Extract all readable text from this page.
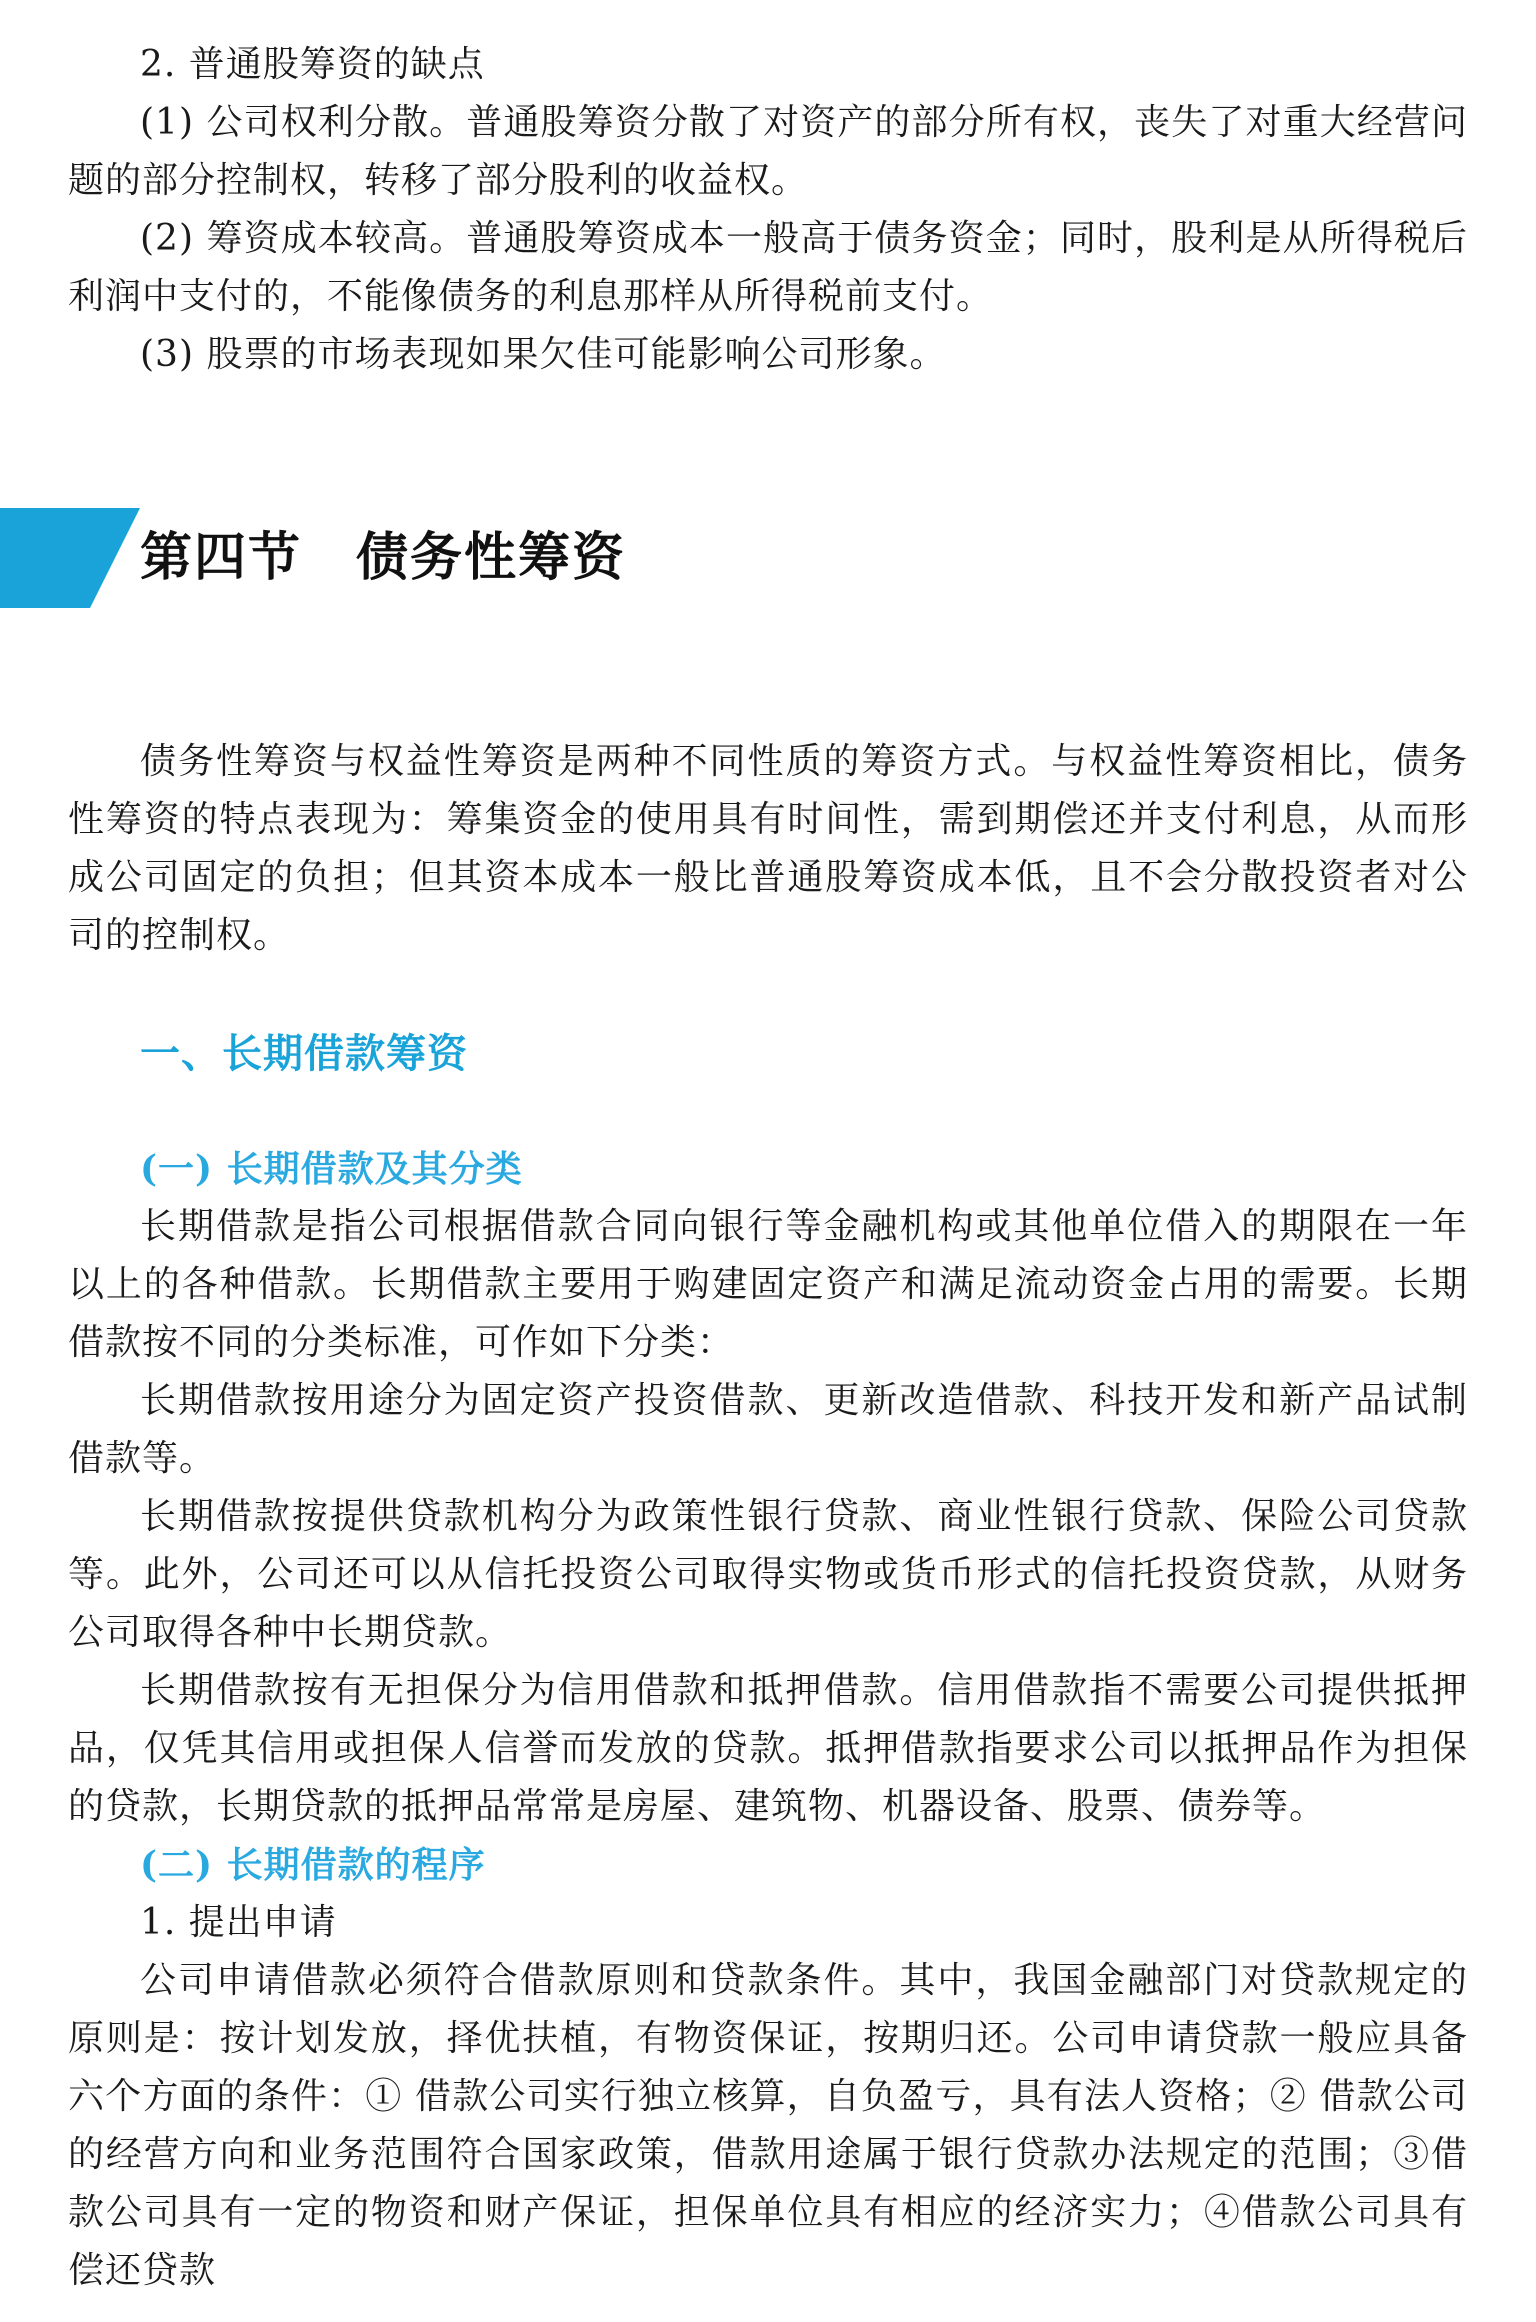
2. 普通股筹资的缺点

(1) 公司权利分散。普通股筹资分散了对资产的部分所有权，丧失了对重大经营问题的部分控制权，转移了部分股利的收益权。

(2) 筹资成本较高。普通股筹资成本一般高于债务资金；同时，股利是从所得税后利润中支付的，不能像债务的利息那样从所得税前支付。

(3) 股票的市场表现如果欠佳可能影响公司形象。

第四节　债务性筹资

债务性筹资与权益性筹资是两种不同性质的筹资方式。与权益性筹资相比，债务性筹资的特点表现为：筹集资金的使用具有时间性，需到期偿还并支付利息，从而形成公司固定的负担；但其资本成本一般比普通股筹资成本低，且不会分散投资者对公司的控制权。

一、长期借款筹资

(一) 长期借款及其分类

长期借款是指公司根据借款合同向银行等金融机构或其他单位借入的期限在一年以上的各种借款。长期借款主要用于购建固定资产和满足流动资金占用的需要。长期借款按不同的分类标准，可作如下分类：

长期借款按用途分为固定资产投资借款、更新改造借款、科技开发和新产品试制借款等。

长期借款按提供贷款机构分为政策性银行贷款、商业性银行贷款、保险公司贷款等。此外，公司还可以从信托投资公司取得实物或货币形式的信托投资贷款，从财务公司取得各种中长期贷款。

长期借款按有无担保分为信用借款和抵押借款。信用借款指不需要公司提供抵押品，仅凭其信用或担保人信誉而发放的贷款。抵押借款指要求公司以抵押品作为担保的贷款，长期贷款的抵押品常常是房屋、建筑物、机器设备、股票、债券等。

(二) 长期借款的程序

1. 提出申请

公司申请借款必须符合借款原则和贷款条件。其中，我国金融部门对贷款规定的原则是：按计划发放，择优扶植，有物资保证，按期归还。公司申请贷款一般应具备六个方面的条件：① 借款公司实行独立核算，自负盈亏，具有法人资格；② 借款公司的经营方向和业务范围符合国家政策，借款用途属于银行贷款办法规定的范围；③借款公司具有一定的物资和财产保证，担保单位具有相应的经济实力；④借款公司具有偿还贷款
